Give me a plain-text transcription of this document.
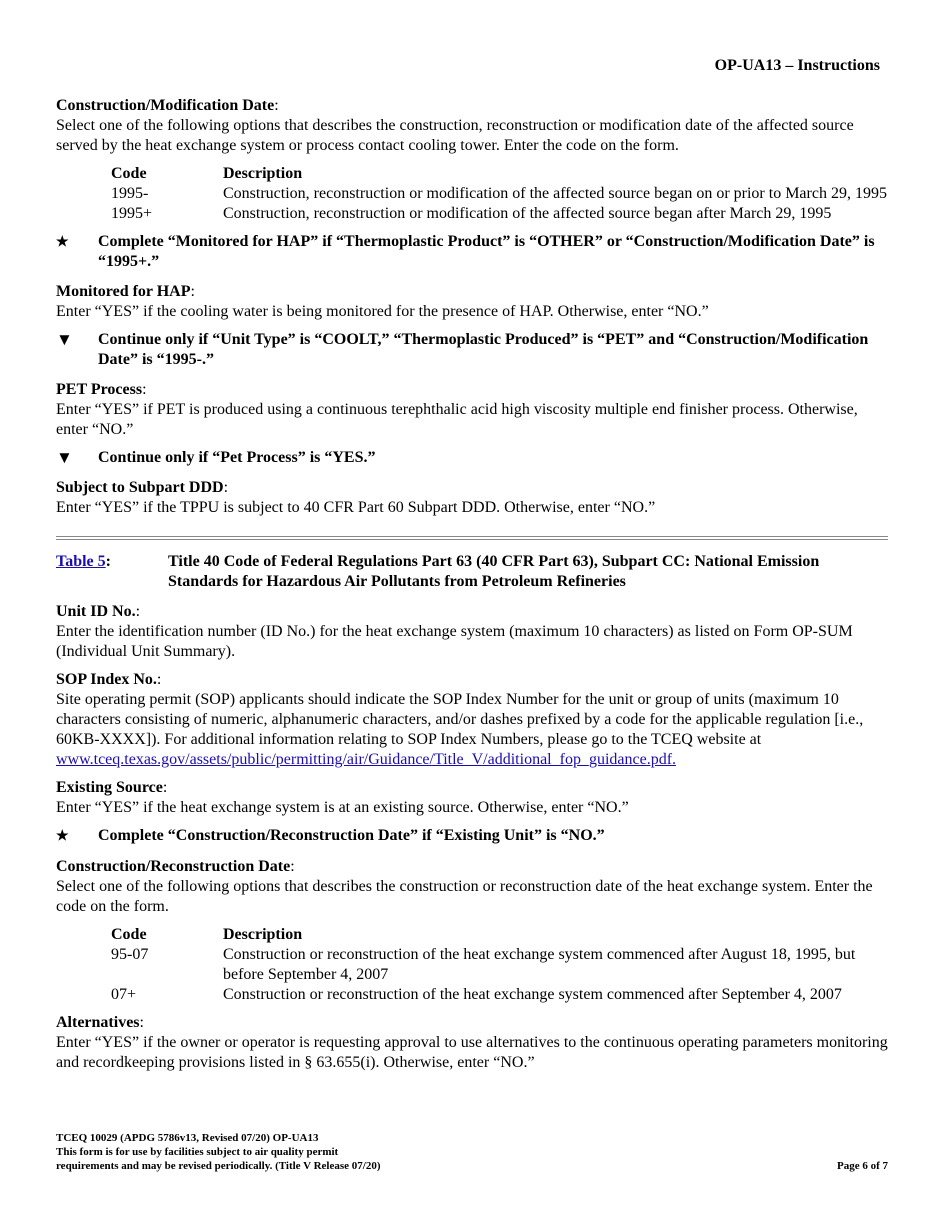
OP-UA13 – Instructions

Construction/Modification Date:

Select one of the following options that describes the construction, reconstruction or modification date of the affected source served by the heat exchange system or process contact cooling tower. Enter the code on the form.

Code	Description
1995-	Construction, reconstruction or modification of the affected source began on or prior to March 29, 1995
1995+	Construction, reconstruction or modification of the affected source began after March 29, 1995
★	Complete “Monitored for HAP” if “Thermoplastic Product” is “OTHER” or “Construction/Modification Date” is “1995+.”

Monitored for HAP:

Enter “YES” if the cooling water is being monitored for the presence of HAP. Otherwise, enter “NO.”

▼	Continue only if “Unit Type” is “COOLT,” “Thermoplastic Produced” is “PET” and “Construction/Modification Date” is “1995-.”

PET Process:

Enter “YES” if PET is produced using a continuous terephthalic acid high viscosity multiple end finisher process. Otherwise, enter “NO.”

▼	Continue only if “Pet Process” is “YES.”

Subject to Subpart DDD:

Enter “YES” if the TPPU is subject to 40 CFR Part 60 Subpart DDD. Otherwise, enter “NO.”

Table 5:	Title 40 Code of Federal Regulations Part 63 (40 CFR Part 63), Subpart CC: National Emission Standards for Hazardous Air Pollutants from Petroleum Refineries

Unit ID No.:

Enter the identification number (ID No.) for the heat exchange system (maximum 10 characters) as listed on Form OP-SUM (Individual Unit Summary).

SOP Index No.:

Site operating permit (SOP) applicants should indicate the SOP Index Number for the unit or group of units (maximum 10 characters consisting of numeric, alphanumeric characters, and/or dashes prefixed by a code for the applicable regulation [i.e., 60KB-XXXX]). For additional information relating to SOP Index Numbers, please go to the TCEQ website at www.tceq.texas.gov/assets/public/permitting/air/Guidance/Title_V/additional_fop_guidance.pdf.

Existing Source:

Enter “YES” if the heat exchange system is at an existing source. Otherwise, enter “NO.”

★	Complete “Construction/Reconstruction Date” if “Existing Unit” is “NO.”

Construction/Reconstruction Date:

Select one of the following options that describes the construction or reconstruction date of the heat exchange system. Enter the code on the form.

Code	Description
95-07	Construction or reconstruction of the heat exchange system commenced after August 18, 1995, but before September 4, 2007
07+	Construction or reconstruction of the heat exchange system commenced after September 4, 2007

Alternatives:

Enter “YES” if the owner or operator is requesting approval to use alternatives to the continuous operating parameters monitoring and recordkeeping provisions listed in § 63.655(i). Otherwise, enter “NO.”

TCEQ 10029 (APDG 5786v13, Revised 07/20) OP-UA13
This form is for use by facilities subject to air quality permit
requirements and may be revised periodically. (Title V Release 07/20)	Page 6 of 7
